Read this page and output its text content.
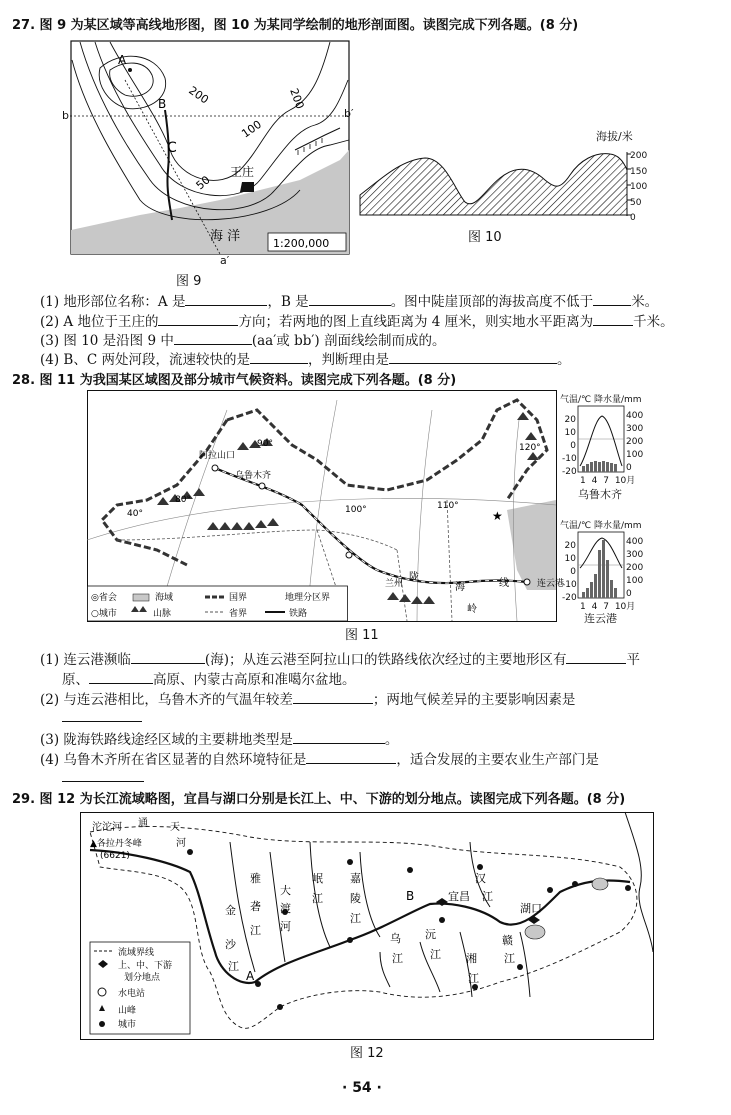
27. 图 9 为某区域等高线地形图，图 10 为某同学绘制的地形剖面图。读图完成下列各题。(8 分)
A
B
C
200	200
100
50
王庄
海 洋	1:200,000
b	b′
a′
图 9
海拔/米
200
150
100
50
0
图 10
(1) 地形部位名称：A 是	，B 是	。图中陡崖顶部的海拔高度不低于	米。
(2) A 地位于王庄的	方向；若两地的图上直线距离为 4 厘米，则实地水平距离为	千米。
(3) 图 10 是沿图 9 中	(aa′或 bb′) 剖面线绘制而成的。
(4) B、C 两处河段，流速较快的是	，判断理由是	。
28. 图 11 为我国某区域图及部分城市气候资料。读图完成下列各题。(8 分)
★
阿拉山口
乌鲁木齐
90°
80°
40°	100°	110°
120°
连云港
兰州
陇
海	线
岭
◎省会	海域	国界	地理分区界
○城市	山脉	省界	铁路
图 11
气温/℃ 降水量/mm
20
10
0
-10
-20
400
300
200
100
0
1 4 7 10月
乌鲁木齐
气温/℃ 降水量/mm
20
10
0
-10
-20
400
300
200
100
0
1 4 7 10月
连云港
(1) 连云港濒临	(海)；从连云港至阿拉山口的铁路线依次经过的主要地形区有	平
原、	高原、内蒙古高原和准噶尔盆地。
(2) 与连云港相比，乌鲁木齐的气温年较差	；两地气候差异的主要影响因素是
(3) 陇海铁路线途经区域的主要耕地类型是	。
(4) 乌鲁木齐所在省区显著的自然环境特征是	，适合发展的主要农业生产部门是
29. 图 12 为长江流域略图，宜昌与湖口分别是长江上、中、下游的划分地点。读图完成下列各题。(8 分)
沱沱河 通 天
河
▲各拉丹冬峰
(6621)
金
沙
江
雅
砻
江
大
渡
河
岷
江
嘉
陵
江
B	宜昌
汉
江
乌
江
沅
江 湘
江
赣
江
湖口
A
流域界线
上、中、下游
划分地点
水电站
山峰
城市
图 12
· 54 ·
